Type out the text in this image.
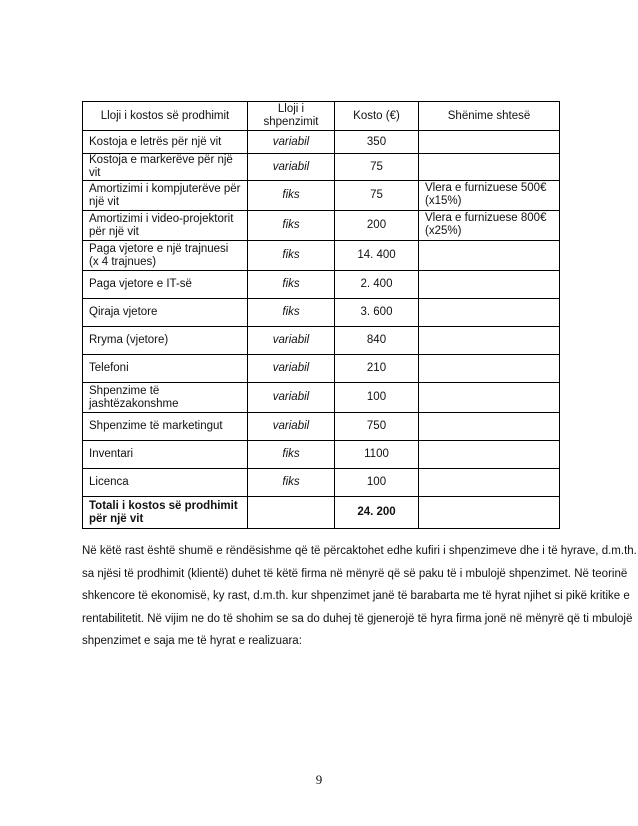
Lloji i kostos së prodhimit	Lloji i shpenzimit	Kosto (€)	Shënime shtesë
Kostoja e letrës për një vit	variabil	350	
Kostoja e markerëve për një vit	variabil	75	
Amortizimi i kompjuterëve për një vit	fiks	75	Vlera e furnizuese 500€ (x15%)
Amortizimi i video-projektorit për një vit	fiks	200	Vlera e furnizuese 800€ (x25%)
Paga vjetore e një trajnuesi (x 4 trajnues)	fiks	14. 400	
Paga vjetore e IT-së	fiks	2. 400	
Qiraja vjetore	fiks	3. 600	
Rryma (vjetore)	variabil	840	
Telefoni	variabil	210	
Shpenzime të jashtëzakonshme	variabil	100	
Shpenzime të marketingut	variabil	750	
Inventari	fiks	1100	
Licenca	fiks	100	
Totali i kostos së prodhimit për një vit		24. 200	
Në këtë rast është shumë e rëndësishme që të përcaktohet edhe kufiri i shpenzimeve dhe i të hyrave, d.m.th.
sa njësi të prodhimit (klientë) duhet të këtë firma në mënyrë që së paku të i mbulojë shpenzimet. Në teorinë
shkencore të ekonomisë, ky rast, d.m.th. kur shpenzimet janë të barabarta me të hyrat njihet si pikë kritike e
rentabilitetit. Në vijim ne do të shohim se sa do duhej të gjenerojë të hyra firma jonë në mënyrë që ti mbulojë
shpenzimet e saja me të hyrat e realizuara:
9
